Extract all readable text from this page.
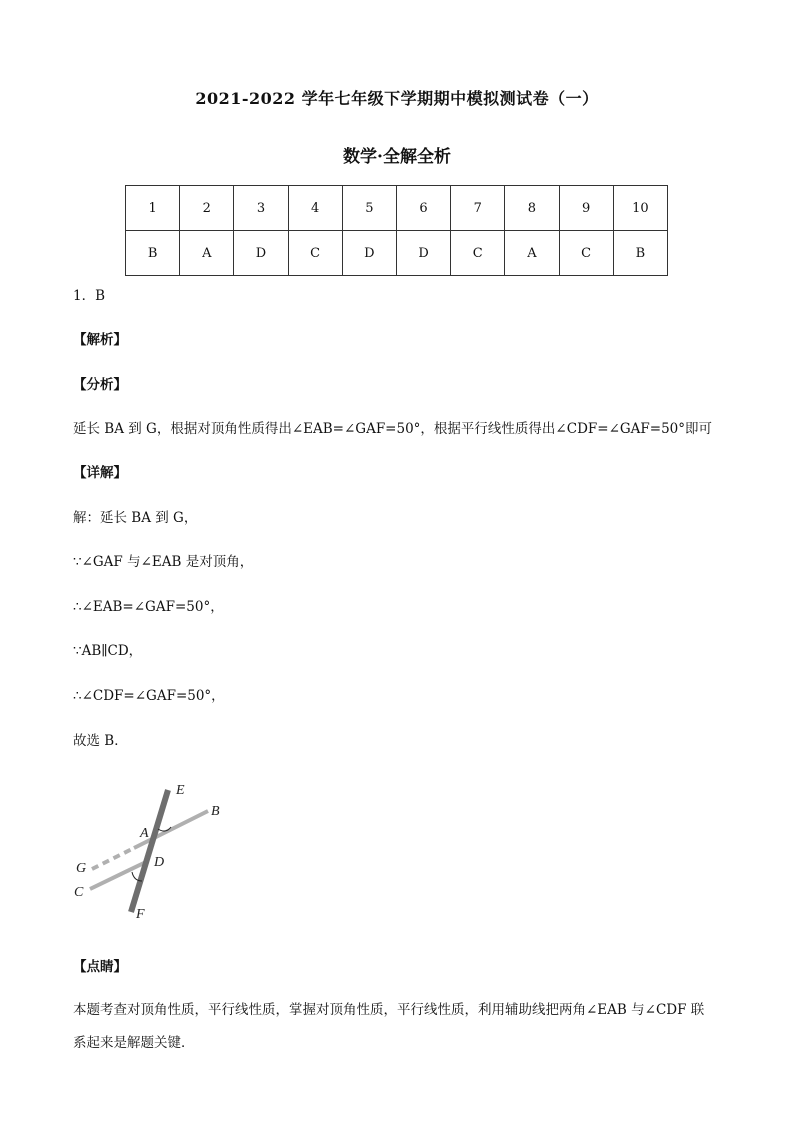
2021-2022 学年七年级下学期期中模拟测试卷（一）
数学·全解全析
1	2	3	4	5	6	7	8	9	10
B	A	D	C	D	D	C	A	C	B
1．B
【解析】
【分析】
延长 BA 到 G，根据对顶角性质得出∠EAB=∠GAF=50°，根据平行线性质得出∠CDF=∠GAF=50°即可
【详解】
解：延长 BA 到 G，
∵∠GAF 与∠EAB 是对顶角，
∴∠EAB=∠GAF=50°，
∵AB∥CD，
∴∠CDF=∠GAF=50°，
故选 B．
E
B
A
D
G
C
F
【点睛】
本题考查对顶角性质，平行线性质，掌握对顶角性质，平行线性质，利用辅助线把两角∠EAB 与∠CDF 联
系起来是解题关键．
